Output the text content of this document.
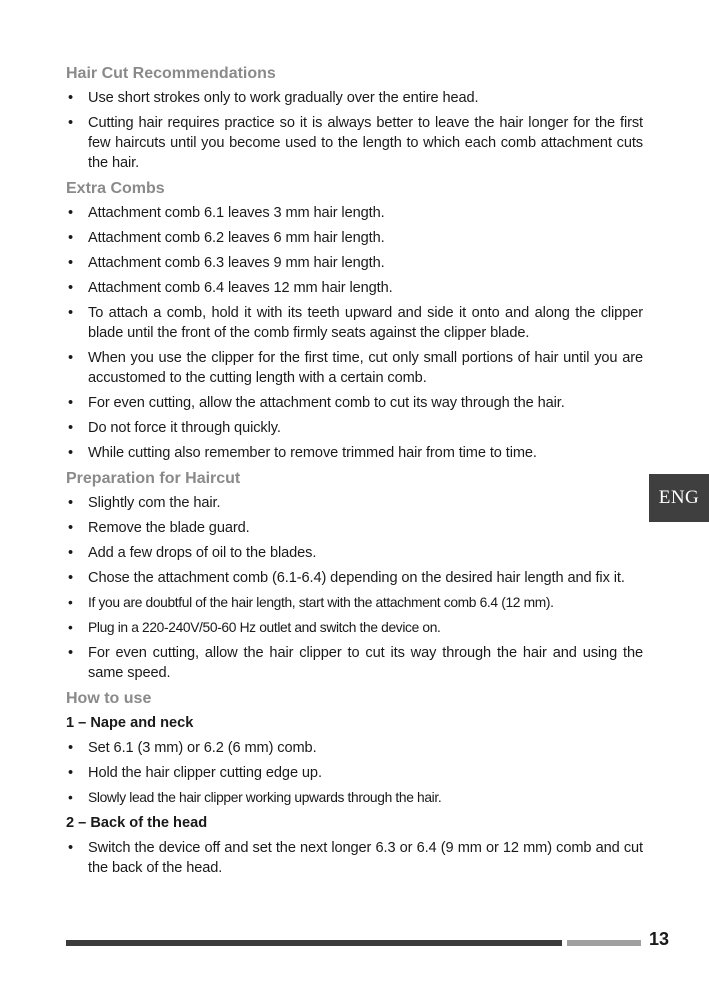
Hair Cut Recommendations
• Use short strokes only to work gradually over the entire head.
• Cutting hair requires practice so it is always better to leave the hair longer for the first few haircuts until you become used to the length to which each comb attachment cuts the hair.
Extra Combs
• Attachment comb 6.1 leaves 3 mm hair length.
• Attachment comb 6.2 leaves 6 mm hair length.
• Attachment comb 6.3 leaves 9 mm hair length.
• Attachment comb 6.4 leaves 12 mm hair length.
• To attach a comb, hold it with its teeth upward and side it onto and along the clipper blade until the front of the comb firmly seats against the clipper blade.
• When you use the clipper for the first time, cut only small portions of hair until you are accustomed to the cutting length with a certain comb.
• For even cutting, allow the attachment comb to cut its way through the hair.
• Do not force it through quickly.
• While cutting also remember to remove trimmed hair from time to time.
Preparation for Haircut
• Slightly com the hair.
• Remove the blade guard.
• Add a few drops of oil to the blades.
• Chose the attachment comb (6.1-6.4) depending on the desired hair length and fix it.
• If you are doubtful of the hair length, start with the attachment comb 6.4 (12 mm).
• Plug in a 220-240V/50-60 Hz outlet and switch the device on.
• For even cutting, allow the hair clipper to cut its way through the hair and using the same speed.
How to use
1 – Nape and neck
• Set 6.1 (3 mm) or 6.2 (6 mm) comb.
• Hold the hair clipper cutting edge up.
• Slowly lead the hair clipper working upwards through the hair.
2 – Back of the head
• Switch the device off and set the next longer 6.3 or 6.4 (9 mm or 12 mm) comb and cut the back of the head.
ENG
13
